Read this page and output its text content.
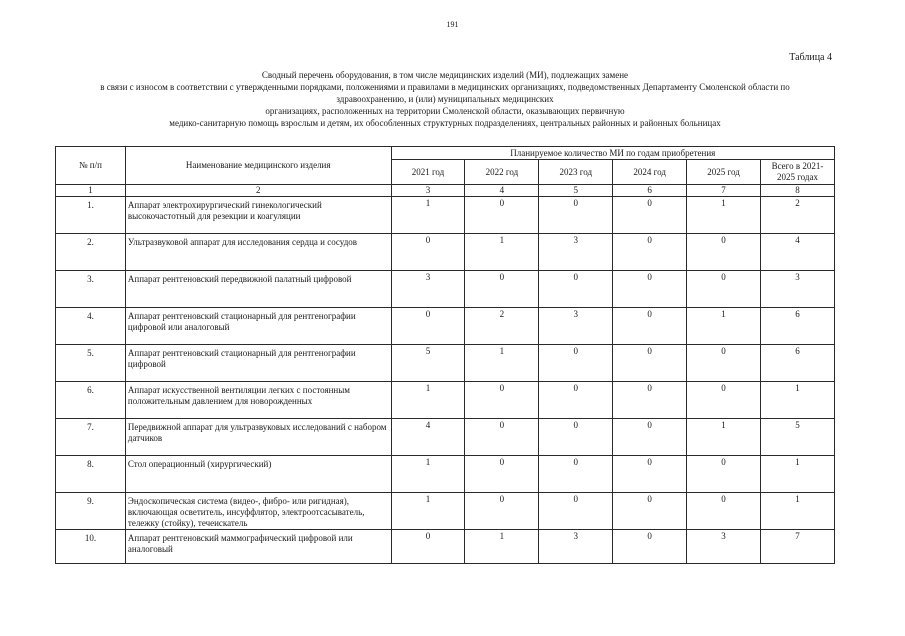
191
Таблица 4
Сводный перечень оборудования, в том числе медицинских изделий (МИ), подлежащих замене
в связи с износом в соответствии с утвержденными порядками, положениями и правилами в медицинских организациях, подведомственных Департаменту Смоленской области по
здравоохранению, и (или) муниципальных медицинских
организациях, расположенных на территории Смоленской области, оказывающих первичную
медико-санитарную помощь взрослым и детям, их обособленных структурных подразделениях, центральных районных и районных больницах
№ п/п	Наименование медицинского изделия	Планируемое количество МИ по годам приобретения					
		2021 год	2022 год	2023 год	2024 год	2025 год	Всего в 2021-2025 годах
1	2	3	4	5	6	7	8
1.	Аппарат электрохирургический гинекологический высокочастотный для резекции и коагуляции	1	0	0	0	1	2
2.	Ультразвуковой аппарат для исследования сердца и сосудов	0	1	3	0	0	4
3.	Аппарат рентгеновский передвижной палатный цифровой	3	0	0	0	0	3
4.	Аппарат рентгеновский стационарный для рентгенографии цифровой или аналоговый	0	2	3	0	1	6
5.	Аппарат рентгеновский стационарный для рентгенографии цифровой	5	1	0	0	0	6
6.	Аппарат искусственной вентиляции легких с постоянным положительным давлением для новорожденных	1	0	0	0	0	1
7.	Передвижной аппарат для ультразвуковых исследований с набором датчиков	4	0	0	0	1	5
8.	Стол операционный (хирургический)	1	0	0	0	0	1
9.	Эндоскопическая система (видео-, фибро- или ригидная), включающая осветитель, инсуффлятор, электроотсасыватель, тележку (стойку), течеискатель	1	0	0	0	0	1
10.	Аппарат рентгеновский маммографический цифровой или аналоговый	0	1	3	0	3	7
